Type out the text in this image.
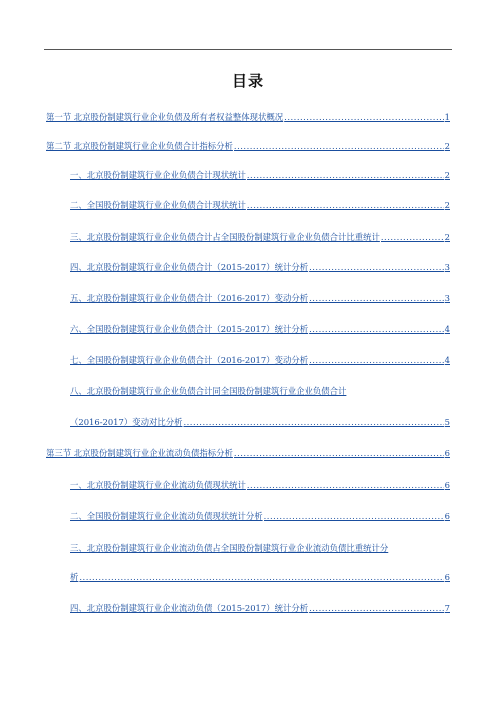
目录
第一节 北京股份制建筑行业企业负债及所有者权益整体现状概况 .....	1
第二节 北京股份制建筑行业企业负债合计指标分析 .....	2
一、北京股份制建筑行业企业负债合计现状统计 .....	2
二、全国股份制建筑行业企业负债合计现状统计 .....	2
三、北京股份制建筑行业企业负债合计占全国股份制建筑行业企业负债合计比重统计 .....	2
四、北京股份制建筑行业企业负债合计（2015-2017）统计分析 .....	3
五、北京股份制建筑行业企业负债合计（2016-2017）变动分析 .....	3
六、全国股份制建筑行业企业负债合计（2015-2017）统计分析 .....	4
七、全国股份制建筑行业企业负债合计（2016-2017）变动分析 .....	4
八、北京股份制建筑行业企业负债合计同全国股份制建筑行业企业负债合计
（2016-2017）变动对比分析 .....	5
第三节 北京股份制建筑行业企业流动负债指标分析 .....	6
一、北京股份制建筑行业企业流动负债现状统计 .....	6
二、全国股份制建筑行业企业流动负债现状统计分析 .....	6
三、北京股份制建筑行业企业流动负债占全国股份制建筑行业企业流动负债比重统计分
析 .....	6
四、北京股份制建筑行业企业流动负债（2015-2017）统计分析 .....	7
